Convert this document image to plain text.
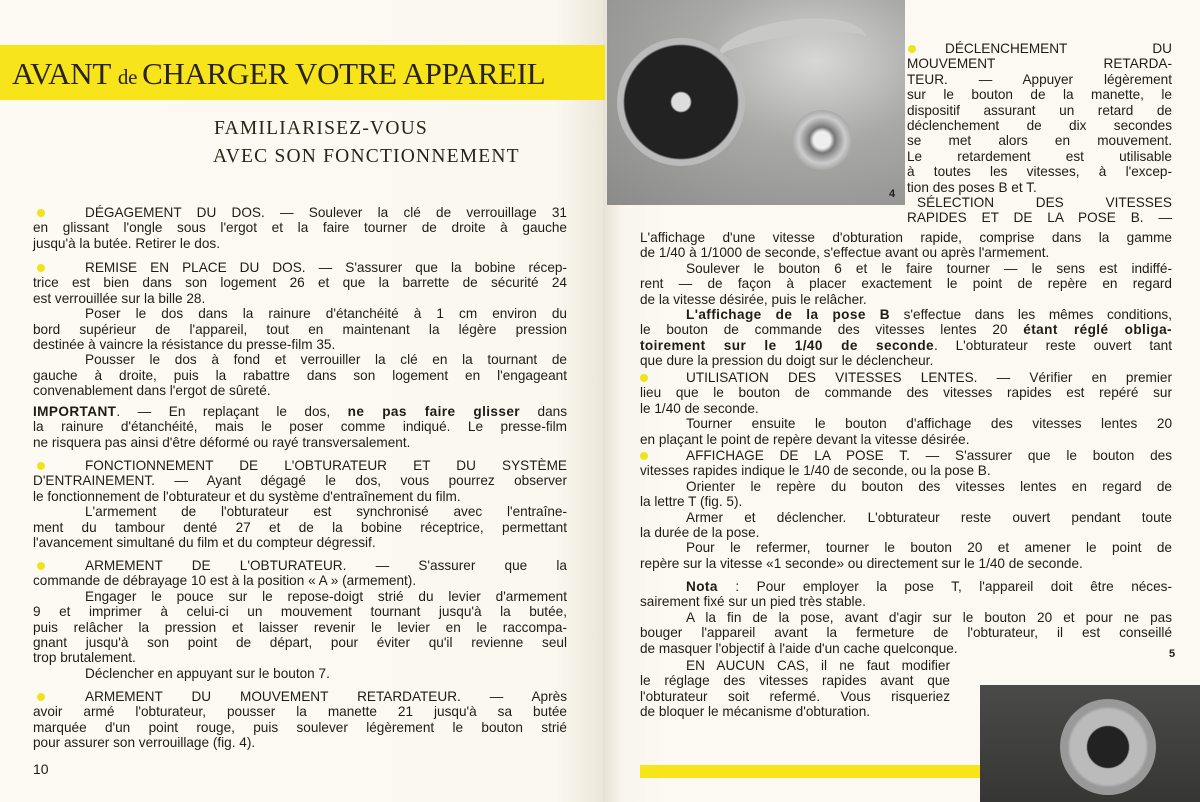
AVANT de CHARGER VOTRE APPAREIL
FAMILIARISEZ-VOUS
AVEC SON FONCTIONNEMENT
DÉGAGEMENT DU DOS. — Soulever la clé de verrouillage 31
en glissant l'ongle sous l'ergot et la faire tourner de droite à gauche
jusqu'à la butée. Retirer le dos.
REMISE EN PLACE DU DOS. — S'assurer que la bobine récep-
trice est bien dans son logement 26 et que la barrette de sécurité 24
est verrouillée sur la bille 28.
Poser le dos dans la rainure d'étanchéité à 1 cm environ du
bord supérieur de l'appareil, tout en maintenant la légère pression
destinée à vaincre la résistance du presse-film 35.
Pousser le dos à fond et verrouiller la clé en la tournant de
gauche à droite, puis la rabattre dans son logement en l'engageant
convenablement dans l'ergot de sûreté.
IMPORTANT. — En replaçant le dos, ne pas faire glisser dans
la rainure d'étanchéité, mais le poser comme indiqué. Le presse-film
ne risquera pas ainsi d'être déformé ou rayé transversalement.
FONCTIONNEMENT DE L'OBTURATEUR ET DU SYSTÈME
D'ENTRAINEMENT. — Ayant dégagé le dos, vous pourrez observer
le fonctionnement de l'obturateur et du système d'entraînement du film.
L'armement de l'obturateur est synchronisé avec l'entraîne-
ment du tambour denté 27 et de la bobine réceptrice, permettant
l'avancement simultané du film et du compteur dégressif.
ARMEMENT DE L'OBTURATEUR. — S'assurer que la
commande de débrayage 10 est à la position « A » (armement).
Engager le pouce sur le repose-doigt strié du levier d'armement
9 et imprimer à celui-ci un mouvement tournant jusqu'à la butée,
puis relâcher la pression et laisser revenir le levier en le raccompa-
gnant jusqu'à son point de départ, pour éviter qu'il revienne seul
trop brutalement.
Déclencher en appuyant sur le bouton 7.
ARMEMENT DU MOUVEMENT RETARDATEUR. — Après
avoir armé l'obturateur, pousser la manette 21 jusqu'à sa butée
marquée d'un point rouge, puis soulever légèrement le bouton strié
pour assurer son verrouillage (fig. 4).
10
4
DÉCLENCHEMENT DU
MOUVEMENT RETARDA-
TEUR. — Appuyer légèrement
sur le bouton de la manette, le
dispositif assurant un retard de
déclenchement de dix secondes
se met alors en mouvement.
Le retardement est utilisable
à toutes les vitesses, à l'excep-
tion des poses B et T.
SÉLECTION DES VITESSES
RAPIDES ET DE LA POSE B. —
L'affichage d'une vitesse d'obturation rapide, comprise dans la gamme
de 1/40 à 1/1000 de seconde, s'effectue avant ou après l'armement.
Soulever le bouton 6 et le faire tourner — le sens est indiffé-
rent — de façon à placer exactement le point de repère en regard
de la vitesse désirée, puis le relâcher.
L'affichage de la pose B s'effectue dans les mêmes conditions,
le bouton de commande des vitesses lentes 20 étant réglé obliga-
toirement sur le 1/40 de seconde. L'obturateur reste ouvert tant
que dure la pression du doigt sur le déclencheur.
UTILISATION DES VITESSES LENTES. — Vérifier en premier
lieu que le bouton de commande des vitesses rapides est repéré sur
le 1/40 de seconde.
Tourner ensuite le bouton d'affichage des vitesses lentes 20
en plaçant le point de repère devant la vitesse désirée.
AFFICHAGE DE LA POSE T. — S'assurer que le bouton des
vitesses rapides indique le 1/40 de seconde, ou la pose B.
Orienter le repère du bouton des vitesses lentes en regard de
la lettre T (fig. 5).
Armer et déclencher. L'obturateur reste ouvert pendant toute
la durée de la pose.
Pour le refermer, tourner le bouton 20 et amener le point de
repère sur la vitesse «1 seconde» ou directement sur le 1/40 de seconde.
Nota : Pour employer la pose T, l'appareil doit être néces-
sairement fixé sur un pied très stable.
A la fin de la pose, avant d'agir sur le bouton 20 et pour ne pas
bouger l'appareil avant la fermeture de l'obturateur, il est conseillé
de masquer l'objectif à l'aide d'un cache quelconque.
EN AUCUN CAS, il ne faut modifier
le réglage des vitesses rapides avant que
l'obturateur soit refermé. Vous risqueriez
de bloquer le mécanisme d'obturation.
5
